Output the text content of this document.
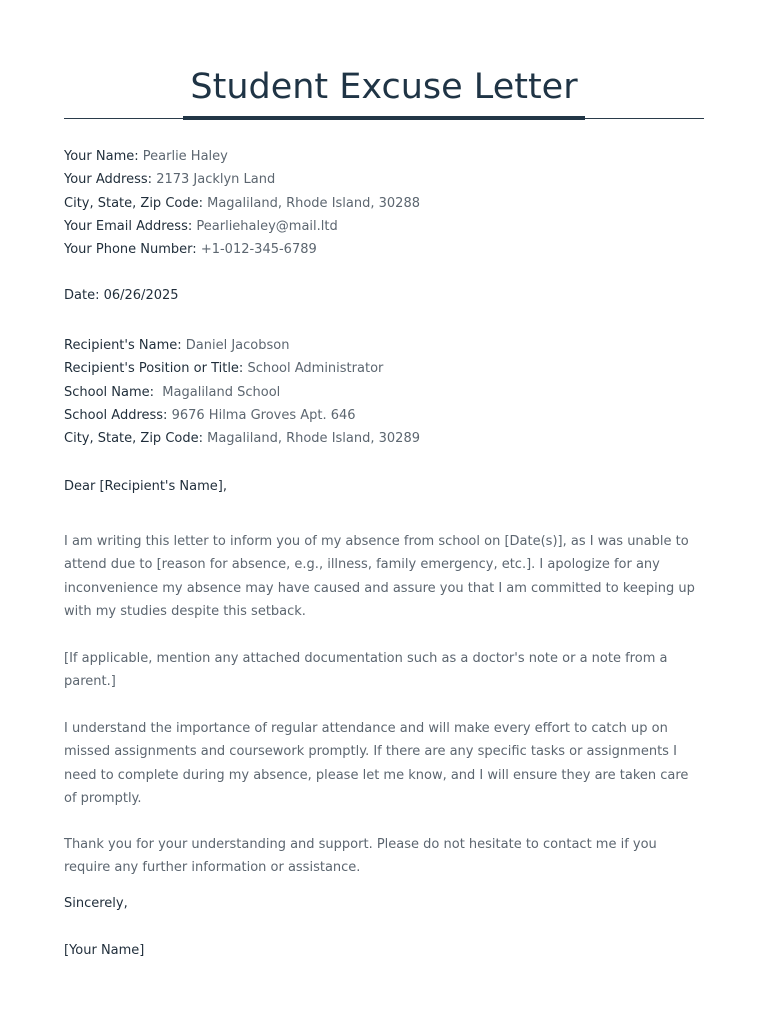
Student Excuse Letter
Your Name: Pearlie Haley
Your Address: 2173 Jacklyn Land
City, State, Zip Code: Magaliland, Rhode Island, 30288
Your Email Address: Pearliehaley@mail.ltd
Your Phone Number: +1-012-345-6789
Date: 06/26/2025
Recipient's Name: Daniel Jacobson
Recipient's Position or Title: School Administrator
School Name:  Magaliland School
School Address: 9676 Hilma Groves Apt. 646
City, State, Zip Code: Magaliland, Rhode Island, 30289
Dear [Recipient's Name],

I am writing this letter to inform you of my absence from school on [Date(s)], as I was unable to attend due to [reason for absence, e.g., illness, family emergency, etc.]. I apologize for any inconvenience my absence may have caused and assure you that I am committed to keeping up with my studies despite this setback.

[If applicable, mention any attached documentation such as a doctor's note or a note from a parent.]

I understand the importance of regular attendance and will make every effort to catch up on missed assignments and coursework promptly. If there are any specific tasks or assignments I need to complete during my absence, please let me know, and I will ensure they are taken care of promptly.

Thank you for your understanding and support. Please do not hesitate to contact me if you require any further information or assistance.

Sincerely,
[Your Name]
